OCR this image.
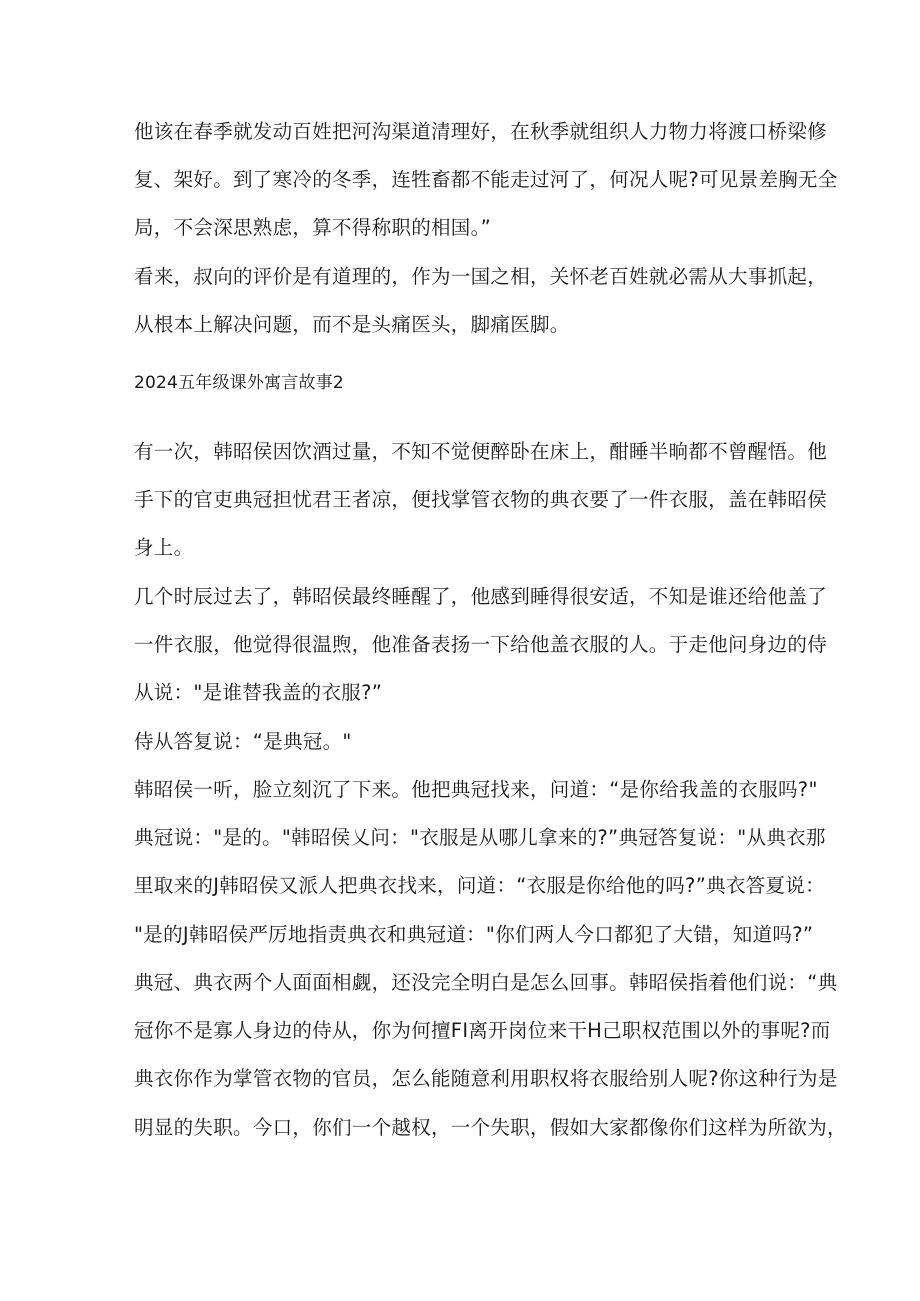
他该在春季就发动百姓把河沟渠道清理好，在秋季就组织人力物力将渡口桥梁修
复、架好。到了寒冷的冬季，连牲畜都不能走过河了，何况人呢?可见景差胸无全
局，不会深思熟虑，算不得称职的相国。”
看来，叔向的评价是有道理的，作为一国之相，关怀老百姓就必需从大事抓起，
从根本上解决问题，而不是头痛医头，脚痛医脚。
2024五年级课外寓言故事2
有一次，韩昭侯因饮酒过量，不知不觉便醉卧在床上，酣睡半晌都不曾醒悟。他
手下的官吏典冠担忧君王者凉，便找掌管衣物的典衣要了一件衣服，盖在韩昭侯
身上。
几个时辰过去了，韩昭侯最终睡醒了，他感到睡得很安适，不知是谁还给他盖了
一件衣服，他觉得很温煦，他准备表扬一下给他盖衣服的人。于走他问身边的侍
从说："是谁替我盖的衣服?”
侍从答复说：“是典冠。"
韩昭侯一听，脸立刻沉了下来。他把典冠找来，问道：“是你给我盖的衣服吗?"
典冠说："是的。"韩昭侯乂问："衣服是从哪儿拿来的?”典冠答复说："从典衣那
里取来的J韩昭侯又派人把典衣找来，问道：“衣服是你给他的吗?”典衣答夏说：
"是的J韩昭侯严厉地指责典衣和典冠道："你们两人今口都犯了大错，知道吗?”
典冠、典衣两个人面面相觑，还没完全明白是怎么回事。韩昭侯指着他们说：“典
冠你不是寡人身边的侍从，你为何擅FI离开岗位来干H己职权范围以外的事呢?而
典衣你作为掌管衣物的官员，怎么能随意利用职权将衣服给别人呢?你这种行为是
明显的失职。今口，你们一个越权，一个失职，假如大家都像你们这样为所欲为，
